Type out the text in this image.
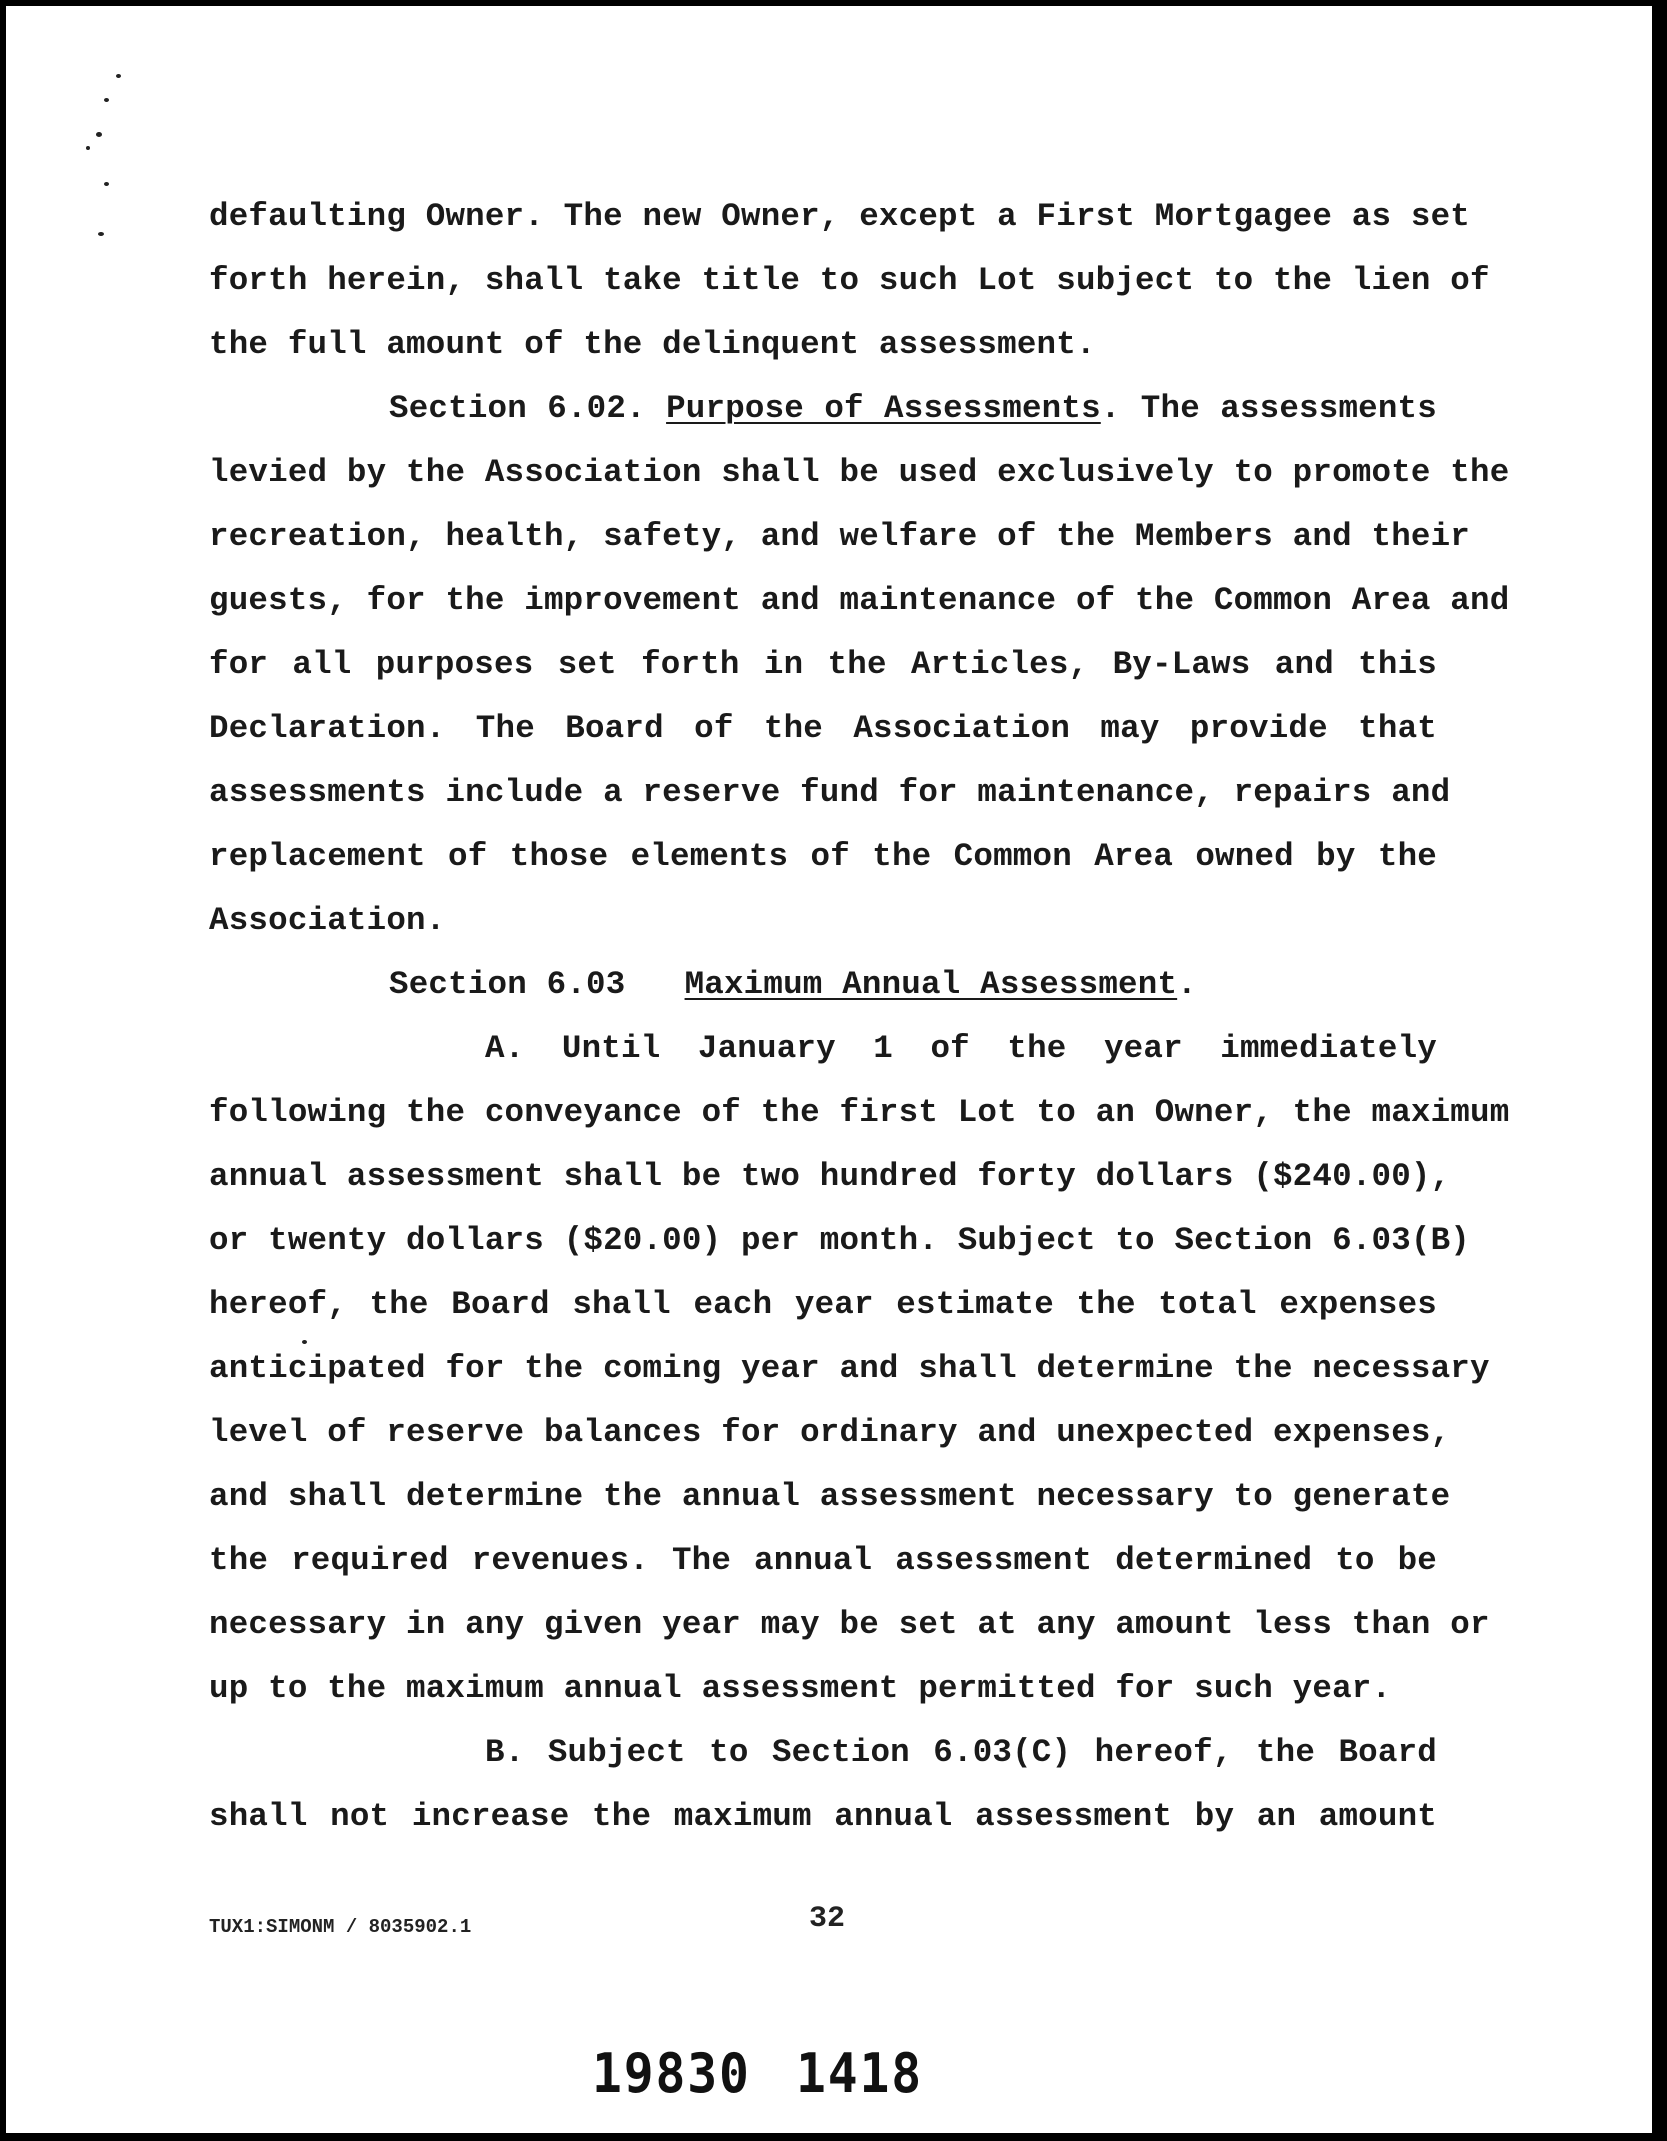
defaulting Owner. The new Owner, except a First Mortgagee as set
forth herein, shall take title to such Lot subject to the lien of
the full amount of the delinquent assessment.
Section 6.02. Purpose of Assessments. The assessments
levied by the Association shall be used exclusively to promote the
recreation, health, safety, and welfare of the Members and their
guests, for the improvement and maintenance of the Common Area and
for all purposes set forth in the Articles, By-Laws and this
Declaration. The Board of the Association may provide that
assessments include a reserve fund for maintenance, repairs and
replacement of those elements of the Common Area owned by the
Association.
Section 6.03   Maximum Annual Assessment.
A. Until January 1 of the year immediately
following the conveyance of the first Lot to an Owner, the maximum
annual assessment shall be two hundred forty dollars ($240.00),
or twenty dollars ($20.00) per month. Subject to Section 6.03(B)
hereof, the Board shall each year estimate the total expenses
anticipated for the coming year and shall determine the necessary
level of reserve balances for ordinary and unexpected expenses,
and shall determine the annual assessment necessary to generate
the required revenues. The annual assessment determined to be
necessary in any given year may be set at any amount less than or
up to the maximum annual assessment permitted for such year.
B. Subject to Section 6.03(C) hereof, the Board
shall not increase the maximum annual assessment by an amount
TUX1:SIMONM / 8035902.1	32
19830 1418
